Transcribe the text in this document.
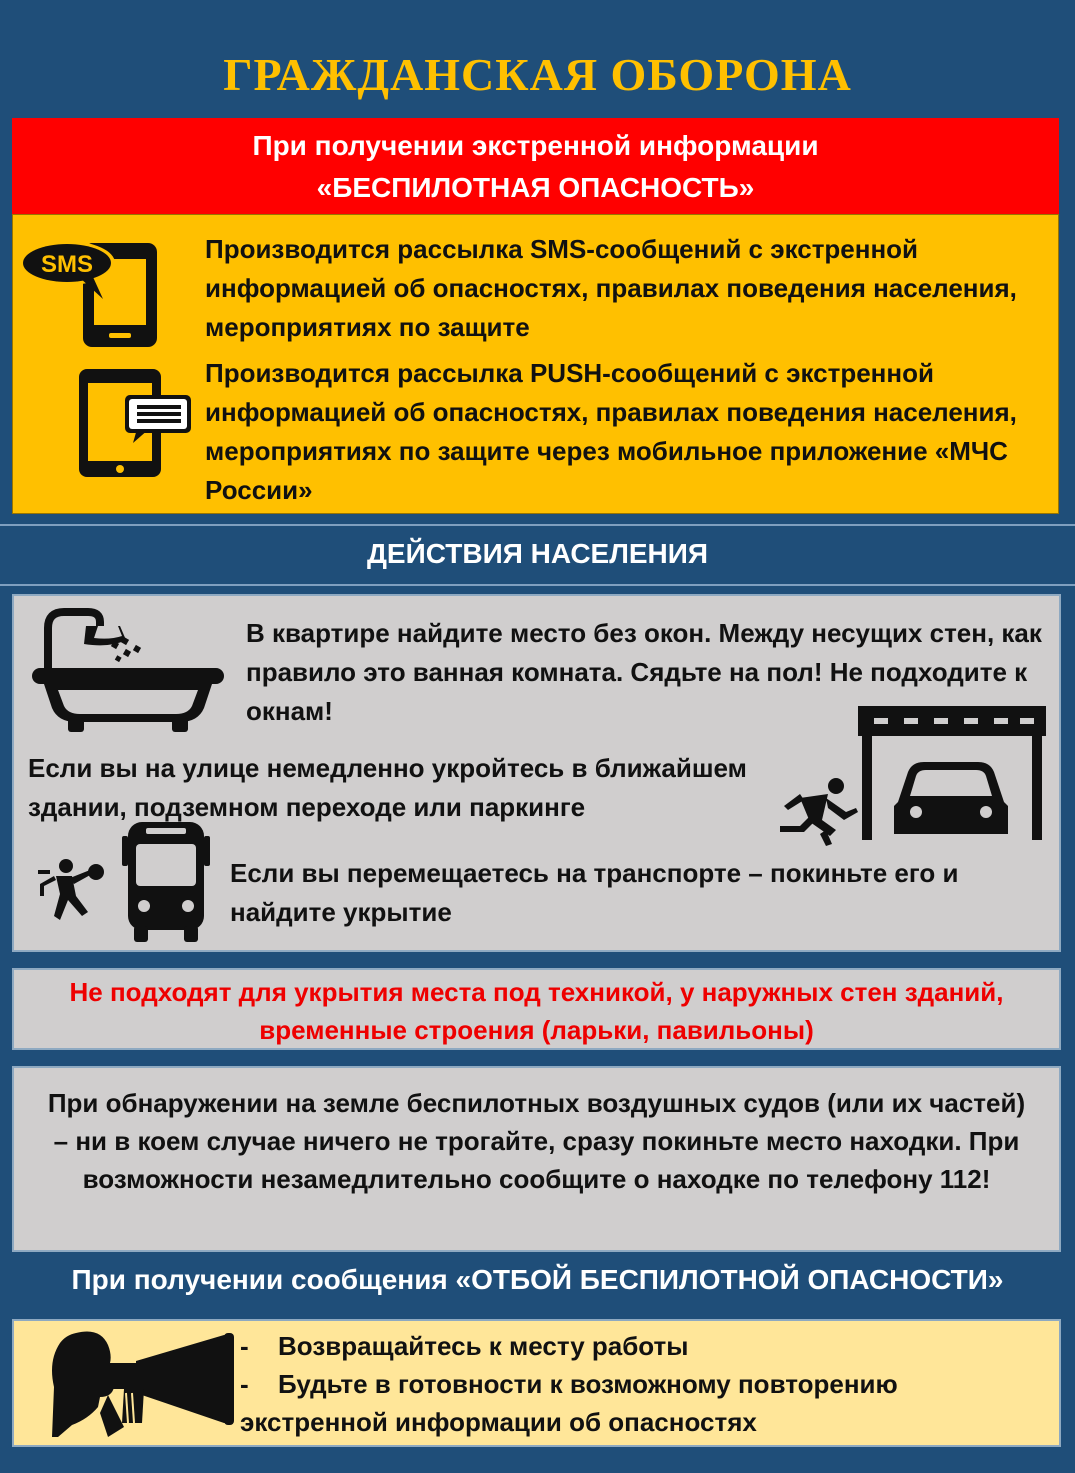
ГРАЖДАНСКАЯ ОБОРОНА
При получении экстренной информации
«БЕСПИЛОТНАЯ ОПАСНОСТЬ»
SMS
Производится рассылка SMS-сообщений с экстренной информацией об опасностях, правилах поведения населения, мероприятиях по защите
Производится рассылка PUSH-сообщений с экстренной информацией об опасностях, правилах поведения населения, мероприятиях по защите через мобильное приложение «МЧС России»
ДЕЙСТВИЯ НАСЕЛЕНИЯ
В квартире найдите место без окон. Между несущих стен, как правило это ванная комната. Сядьте на пол! Не подходите к окнам!
Если вы на улице немедленно укройтесь в ближайшем здании, подземном переходе или паркинге
Если вы перемещаетесь на транспорте – покиньте его и найдите укрытие
Не подходят для укрытия места под техникой, у наружных стен зданий, временные строения (ларьки, павильоны)
При обнаружении на земле беспилотных воздушных судов (или их частей) – ни в коем случае ничего не трогайте, сразу покиньте место находки. При возможности незамедлительно сообщите о находке по телефону 112!
При получении сообщения «ОТБОЙ БЕСПИЛОТНОЙ ОПАСНОСТИ»
- Возвращайтесь к месту работы
- Будьте в готовности к возможному повторению экстренной информации об опасностях
